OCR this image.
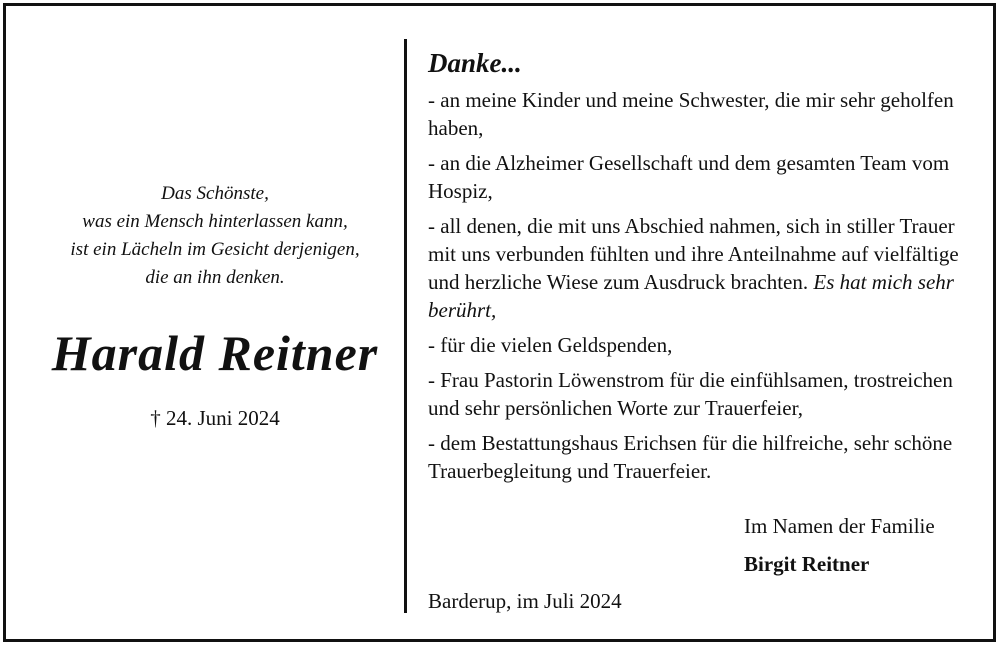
Das Schönste,
was ein Mensch hinterlassen kann,
ist ein Lächeln im Gesicht derjenigen,
die an ihn denken.
Harald Reitner
† 24. Juni 2024
Danke...

- an meine Kinder und meine Schwester, die mir sehr geholfen haben,

- an die Alzheimer Gesellschaft und dem gesamten Team vom Hospiz,

- all denen, die mit uns Abschied nahmen, sich in stiller Trauer mit uns verbunden fühlten und ihre Anteilnahme auf vielfältige und herzliche Wiese zum Ausdruck brachten. Es hat mich sehr berührt,

- für die vielen Geldspenden,

- Frau Pastorin Löwenstrom für die einfühlsamen, trostreichen und sehr persönlichen Worte zur Trauerfeier,

- dem Bestattungshaus Erichsen für die hilfreiche, sehr schöne Trauerbegleitung und Trauerfeier.

Im Namen der Familie
Birgit Reitner
Barderup, im Juli 2024
